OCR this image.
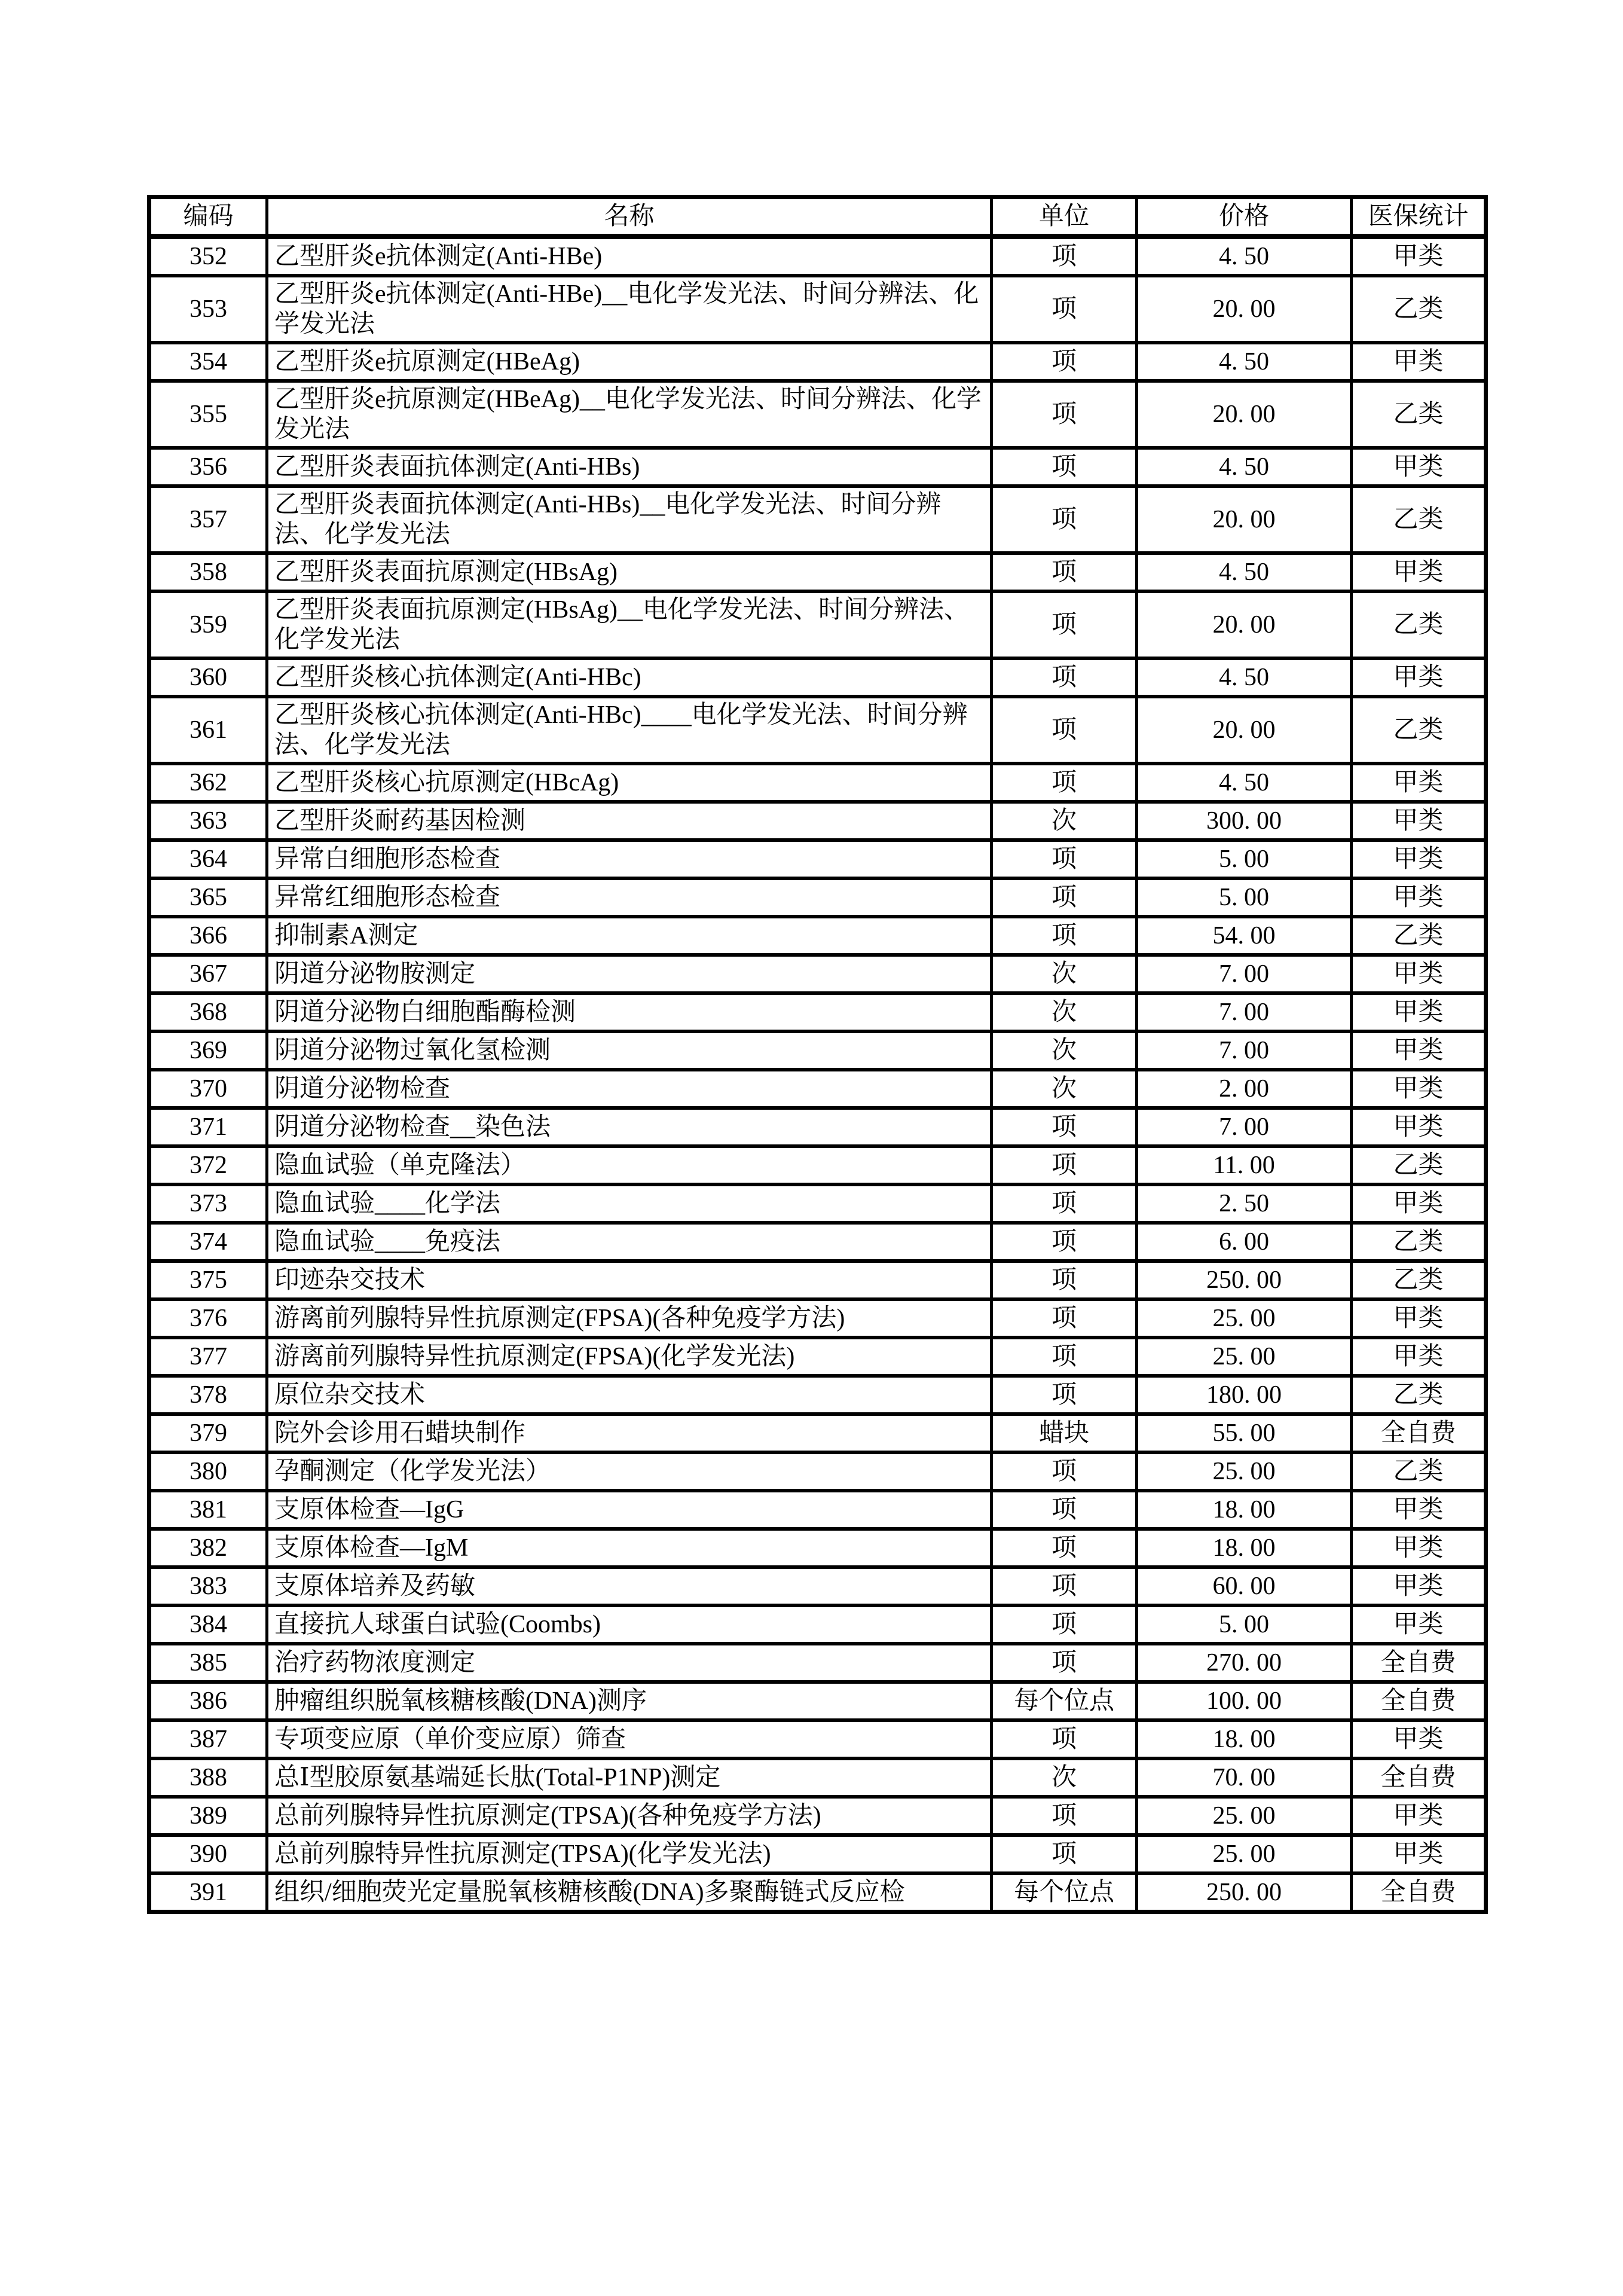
编码	名称	单位	价格	医保统计
352	乙型肝炎e抗体测定(Anti-HBe)	项	4. 50	甲类
353	乙型肝炎e抗体测定(Anti-HBe)__电化学发光法、时间分辨法、化学发光法	项	20. 00	乙类
354	乙型肝炎e抗原测定(HBeAg)	项	4. 50	甲类
355	乙型肝炎e抗原测定(HBeAg)__电化学发光法、时间分辨法、化学发光法	项	20. 00	乙类
356	乙型肝炎表面抗体测定(Anti-HBs)	项	4. 50	甲类
357	乙型肝炎表面抗体测定(Anti-HBs)__电化学发光法、时间分辨法、化学发光法	项	20. 00	乙类
358	乙型肝炎表面抗原测定(HBsAg)	项	4. 50	甲类
359	乙型肝炎表面抗原测定(HBsAg)__电化学发光法、时间分辨法、化学发光法	项	20. 00	乙类
360	乙型肝炎核心抗体测定(Anti-HBc)	项	4. 50	甲类
361	乙型肝炎核心抗体测定(Anti-HBc)____电化学发光法、时间分辨法、化学发光法	项	20. 00	乙类
362	乙型肝炎核心抗原测定(HBcAg)	项	4. 50	甲类
363	乙型肝炎耐药基因检测	次	300. 00	甲类
364	异常白细胞形态检查	项	5. 00	甲类
365	异常红细胞形态检查	项	5. 00	甲类
366	抑制素A测定	项	54. 00	乙类
367	阴道分泌物胺测定	次	7. 00	甲类
368	阴道分泌物白细胞酯酶检测	次	7. 00	甲类
369	阴道分泌物过氧化氢检测	次	7. 00	甲类
370	阴道分泌物检查	次	2. 00	甲类
371	阴道分泌物检查__染色法	项	7. 00	甲类
372	隐血试验（单克隆法）	项	11. 00	乙类
373	隐血试验____化学法	项	2. 50	甲类
374	隐血试验____免疫法	项	6. 00	乙类
375	印迹杂交技术	项	250. 00	乙类
376	游离前列腺特异性抗原测定(FPSA)(各种免疫学方法)	项	25. 00	甲类
377	游离前列腺特异性抗原测定(FPSA)(化学发光法)	项	25. 00	甲类
378	原位杂交技术	项	180. 00	乙类
379	院外会诊用石蜡块制作	蜡块	55. 00	全自费
380	孕酮测定（化学发光法）	项	25. 00	乙类
381	支原体检查—IgG	项	18. 00	甲类
382	支原体检查—IgM	项	18. 00	甲类
383	支原体培养及药敏	项	60. 00	甲类
384	直接抗人球蛋白试验(Coombs)	项	5. 00	甲类
385	治疗药物浓度测定	项	270. 00	全自费
386	肿瘤组织脱氧核糖核酸(DNA)测序	每个位点	100. 00	全自费
387	专项变应原（单价变应原）筛查	项	18. 00	甲类
388	总Ⅰ型胶原氨基端延长肽(Total-P1NP)测定	次	70. 00	全自费
389	总前列腺特异性抗原测定(TPSA)(各种免疫学方法)	项	25. 00	甲类
390	总前列腺特异性抗原测定(TPSA)(化学发光法)	项	25. 00	甲类
391	组织/细胞荧光定量脱氧核糖核酸(DNA)多聚酶链式反应检	每个位点	250. 00	全自费
